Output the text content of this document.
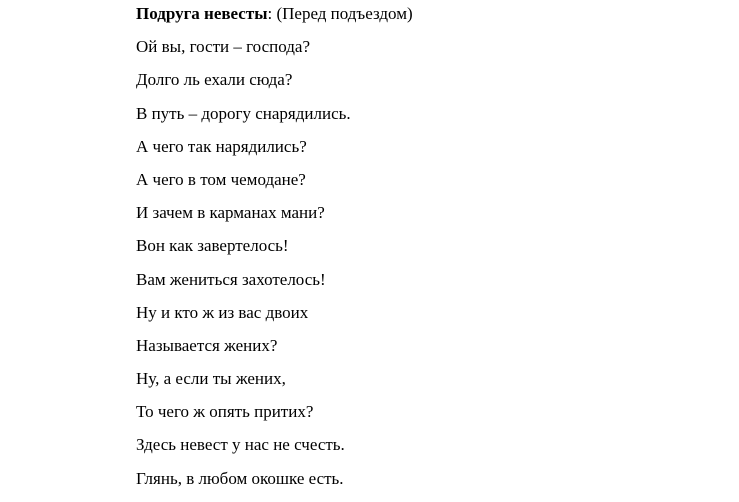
Подруга невесты: (Перед подъездом)
Ой вы, гости – господа?
Долго ль ехали сюда?
В путь – дорогу снарядились.
А чего так нарядились?
А чего в том чемодане?
И зачем в карманах мани?
Вон как завертелось!
Вам жениться захотелось!
Ну и кто ж из вас двоих
Называется жених?
Ну, а если ты жених,
То чего ж опять притих?
Здесь невест у нас не счесть.
Глянь, в любом окошке есть.
